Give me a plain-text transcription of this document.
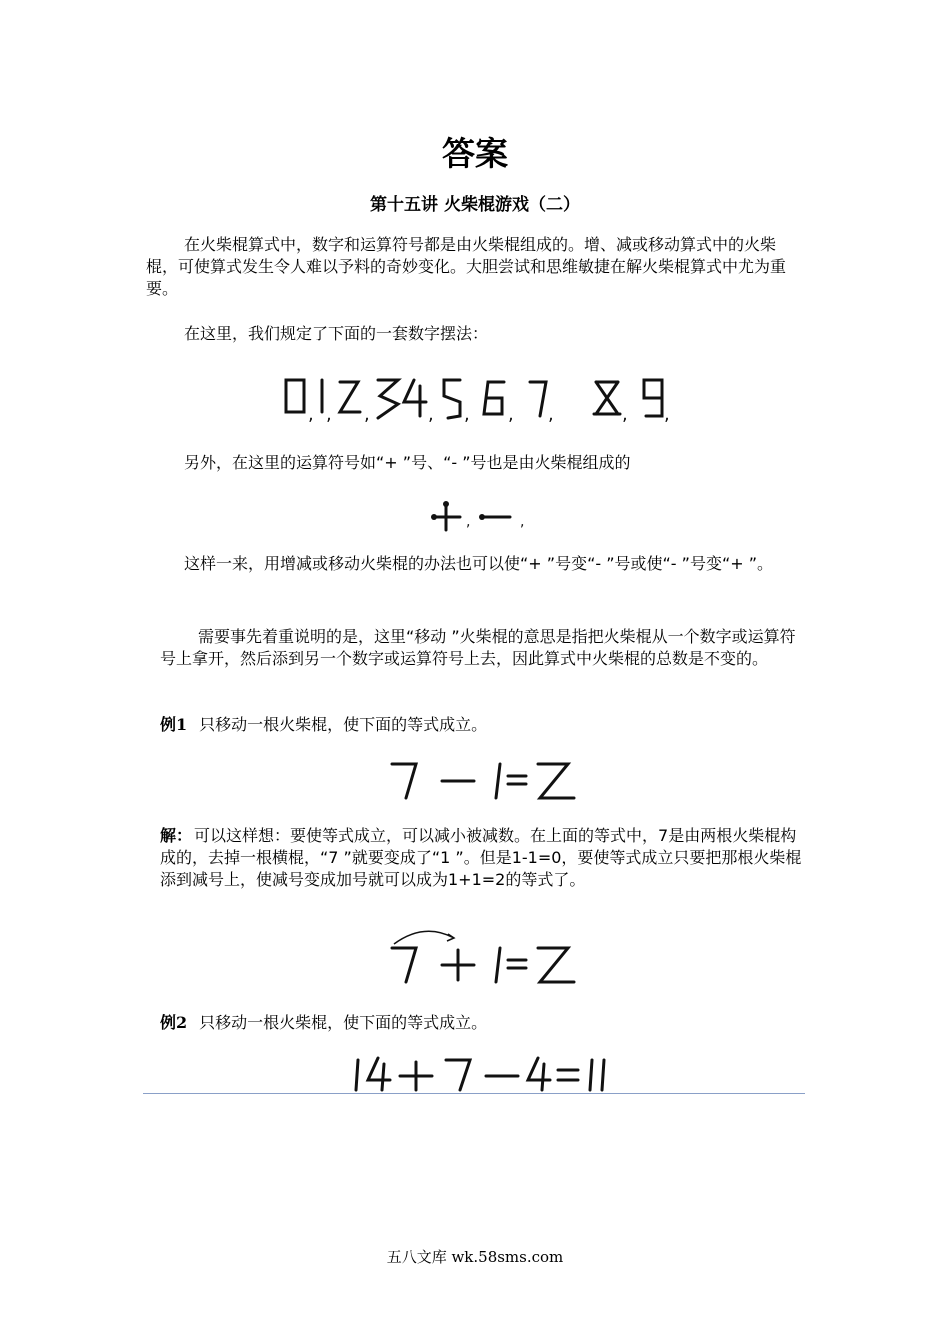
答案
第十五讲 火柴棍游戏（二）
在火柴棍算式中，数字和运算符号都是由火柴棍组成的。增、减或移动算式中的火柴棍，可使算式发生令人难以予料的奇妙变化。大胆尝试和思维敏捷在解火柴棍算式中尤为重要。
在这里，我们规定了下面的一套数字摆法：
, , ,	, , , ,	, ,
另外，在这里的运算符号如“+ ”号、“- ”号也是由火柴棍组成的
,	,
这样一来，用增减或移动火柴棍的办法也可以使“+ ”号变“- ”号或使“- ”号变“+ ”。
需要事先着重说明的是，这里“移动 ”火柴棍的意思是指把火柴棍从一个数字或运算符号上拿开，然后添到另一个数字或运算符号上去，因此算式中火柴棍的总数是不变的。
例1 只移动一根火柴棍，使下面的等式成立。
解： 可以这样想：要使等式成立，可以减小被减数。在上面的等式中，7是由两根火柴棍构成的，去掉一根横棍，“7 ”就要变成了“1 ”。但是1-1=0，要使等式成立只要把那根火柴棍添到减号上，使减号变成加号就可以成为1+1=2的等式了。
例2 只移动一根火柴棍，使下面的等式成立。
五八文库 wk.58sms.com
